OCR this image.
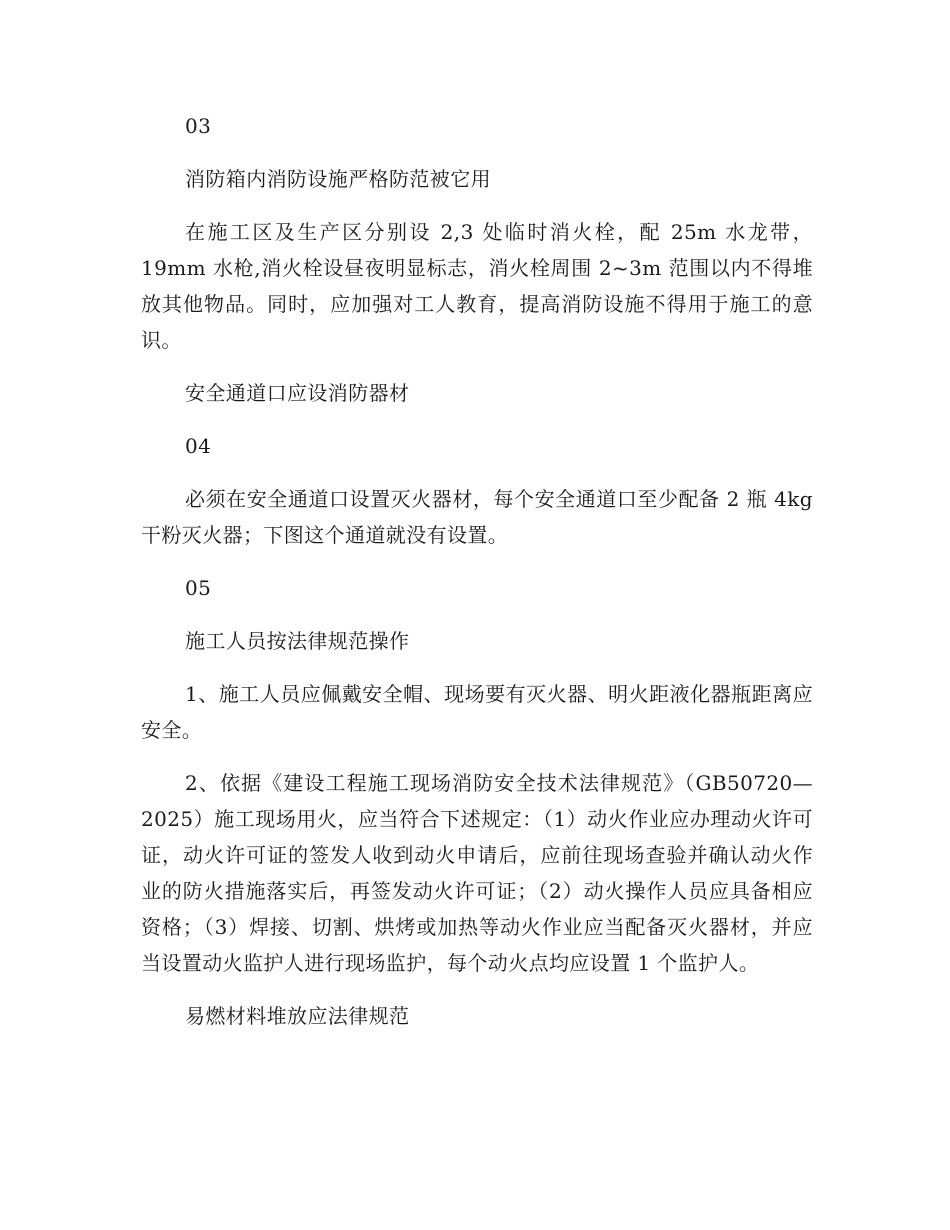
03

消防箱内消防设施严格防范被它用

在施工区及生产区分别设 2,3 处临时消火栓，配 25m 水龙带，19mm 水枪,消火栓设昼夜明显标志，消火栓周围 2~3m 范围以内不得堆放其他物品。同时，应加强对工人教育，提高消防设施不得用于施工的意识。

安全通道口应设消防器材

04

必须在安全通道口设置灭火器材，每个安全通道口至少配备 2 瓶 4kg 干粉灭火器；下图这个通道就没有设置。

05

施工人员按法律规范操作

1、施工人员应佩戴安全帽、现场要有灭火器、明火距液化器瓶距离应安全。

2、依据《建设工程施工现场消防安全技术法律规范》（GB50720—2025）施工现场用火，应当符合下述规定：（1）动火作业应办理动火许可证，动火许可证的签发人收到动火申请后，应前往现场查验并确认动火作业的防火措施落实后，再签发动火许可证；（2）动火操作人员应具备相应资格；（3）焊接、切割、烘烤或加热等动火作业应当配备灭火器材，并应当设置动火监护人进行现场监护，每个动火点均应设置 1 个监护人。

易燃材料堆放应法律规范
